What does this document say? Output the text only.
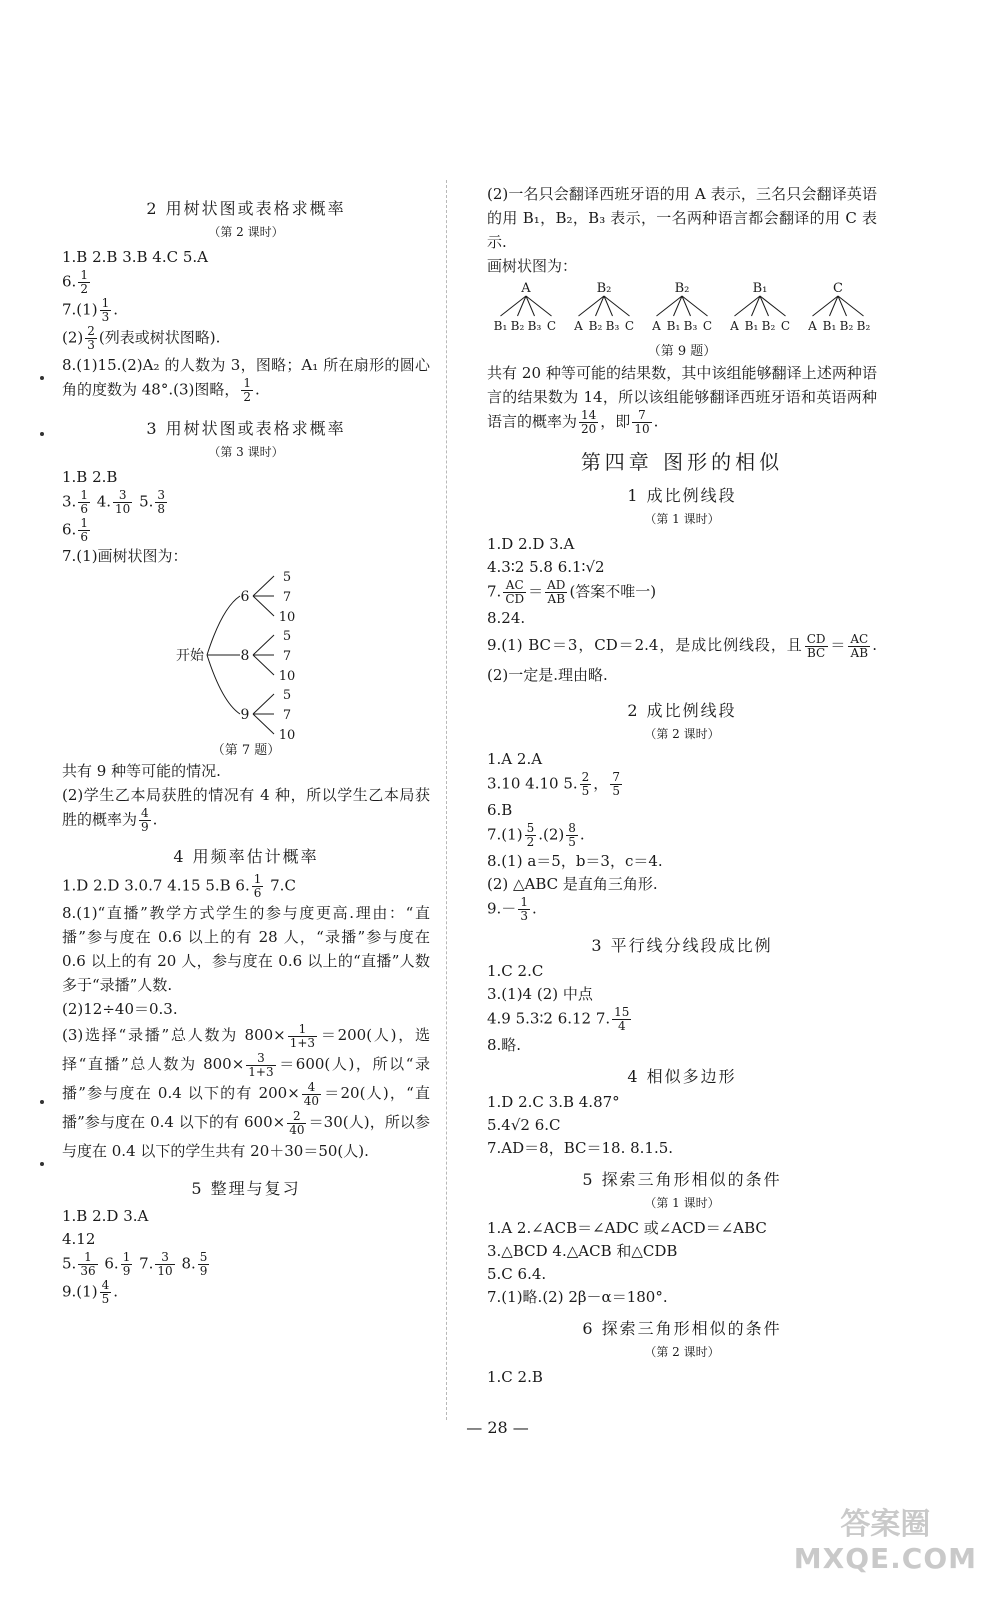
2 用树状图或表格求概率
（第 2 课时）
1.B 2.B 3.B 4.C 5.A
6. $\frac{1}{2}$
$7.(1) \frac{1}{3}$ .
$(2) \frac{2}{3}$ (列表或树状图略).
8.(1)15.(2)A₂ 的人数为 3，图略；A₁ 所在扇形的圆心角的度数为 48°.(3)图略， $\frac{1}{2}$ .
3 用树状图或表格求概率
（第 3 课时）
1.B 2.B
3. $\frac{1}{6} 4$. $\frac{3}{10} 5$. $\frac{3}{8}$
6. $\frac{1}{6}$
7.(1)画树状图为：
开始
6
8
9
5
7
10
5
7
10
5
7
10
（第 7 题）
共有 9 种等可能的情况.
(2)学生乙本局获胜的情况有 4 种，所以学生乙本局获胜的概率为 $\frac{4}{9}$ .
4 用频率估计概率
1.D 2.D 3.0.7 4.15 5.B 6. $\frac{1}{6} 7.C$
8.(1)“直播”教学方式学生的参与度更高.理由：“直播”参与度在 0.6 以上的有 28 人，“录播”参与度在 0.6 以上的有 20 人，参与度在 0.6 以上的“直播”人数多于“录播”人数.
(2)12÷40＝0.3.
(3)选择“录播”总人数为 $800\times \frac{1}{1+3} =200$(人)，选择“直播”总人数为 $800\times \frac{3}{1+3} =600$(人)，所以“录播”参与度在 0.4 以下的有 $200\times \frac{4}{40} =20$(人)，“直播”参与度在 0.4 以下的有 $600\times \frac{2}{40} =30$(人)，所以参与度在 0.4 以下的学生共有 20＋30＝50(人).
5 整理与复习
1.B 2.D 3.A
4.12
5. $\frac{1}{36} 6$. $\frac{1}{9} 7$. $\frac{3}{10} 8$. $\frac{5}{9}$
$9.(1) \frac{4}{5}$ .
(2)一名只会翻译西班牙语的用 A 表示，三名只会翻译英语的用 B₁，B₂，B₃ 表示，一名两种语言都会翻译的用 C 表示.
画树状图为：
A
B₁ B₂ B₃ C
B₂
A B₂ B₃ C
B₂
A B₁ B₃ C
B₁
A B₁ B₂ C
C
A B₁ B₂ B₂
（第 9 题）
共有 20 种等可能的结果数，其中该组能够翻译上述两种语言的结果数为 14，所以该组能够翻译西班牙语和英语两种语言的概率为 $\frac{14}{20}$ ，即 $\frac{7}{10}$ .
第四章 图形的相似
1 成比例线段
（第 1 课时）
1.D 2.D 3.A
4.3∶2 5.8 6.1∶√2
7. $\frac{AC}{CD} = \frac{AD}{AB}$ (答案不唯一)
8.24.
9.(1) BC＝3，CD＝2.4，是成比例线段，且 $\frac{CD}{BC} = \frac{AC}{AB} .(2)$一定是.理由略.
2 成比例线段
（第 2 课时）
1.A 2.A
3.10 4.10 5. $\frac{2}{5}$ ， $\frac{7}{5}$
6.B
$7.(1) \frac{5}{2} .(2) \frac{8}{5}$ .
8.(1) a＝5，b＝3，c＝4.
(2) △ABC 是直角三角形.
$9.- \frac{1}{3}$ .
3 平行线分线段成比例
1.C 2.C
3.(1)4 (2) 中点
4.9 5.3∶2 6.12 7. $\frac{15}{4}$
8.略.
4 相似多边形
1.D 2.C 3.B 4.87°
5.4√2 6.C
7.AD＝8，BC＝18. 8.1.5.
5 探索三角形相似的条件
（第 1 课时）
1.A 2.∠ACB＝∠ADC 或∠ACD＝∠ABC
3.△BCD 4.△ACB 和△CDB
5.C 6.4.
7.(1)略.(2) 2β－α＝180°.
6 探索三角形相似的条件
（第 2 课时）
1.C 2.B
— 28 —
答案圈
MXQE.COM
